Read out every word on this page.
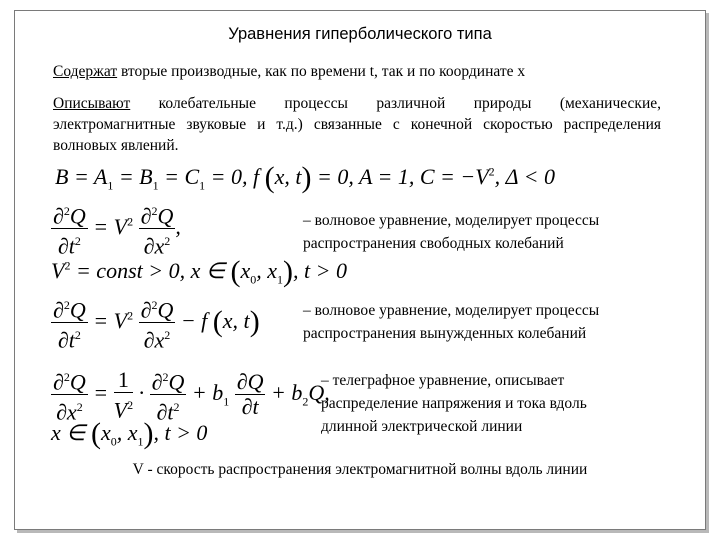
Уравнения гиперболического типа
Содержат вторые производные, как по времени t, так и по координате x
Описывают колебательные процессы различной природы (механические, электромагнитные звуковые и т.д.) связанные с конечной скоростью распределения волновых явлений.
$B = A_1 = B_1 = C_1 = 0$, f (x, t) = 0, A = 1, $C = -V^2$, Δ < 0
$\frac{\partial^2Q}{\partial t^2} = V^2 \frac{\partial^2Q}{\partial x^2}$ ,	– волновое уравнение, моделирует процессы
распространения свободных колебаний
$V^2$ = const > 0, x ∈ ($x_0$, $x_1$), t > 0
$\frac{\partial^2Q}{\partial t^2} = V^2 \frac{\partial^2Q}{\partial x^2} - f$ (x, t)	– волновое уравнение, моделирует процессы
распространения вынужденных колебаний
$\frac{\partial^2Q}{\partial x^2} = \frac{1}{V^2} \cdot \frac{\partial^2Q}{\partial t^2} + b_1 \frac{\partial Q}{\partial t} + b_2Q$,
x ∈ ($x_0$, $x_1$), t > 0
– телеграфное уравнение, описывает
распределение напряжения и тока вдоль
длинной электрической линии
V - скорость распространения электромагнитной волны вдоль линии
